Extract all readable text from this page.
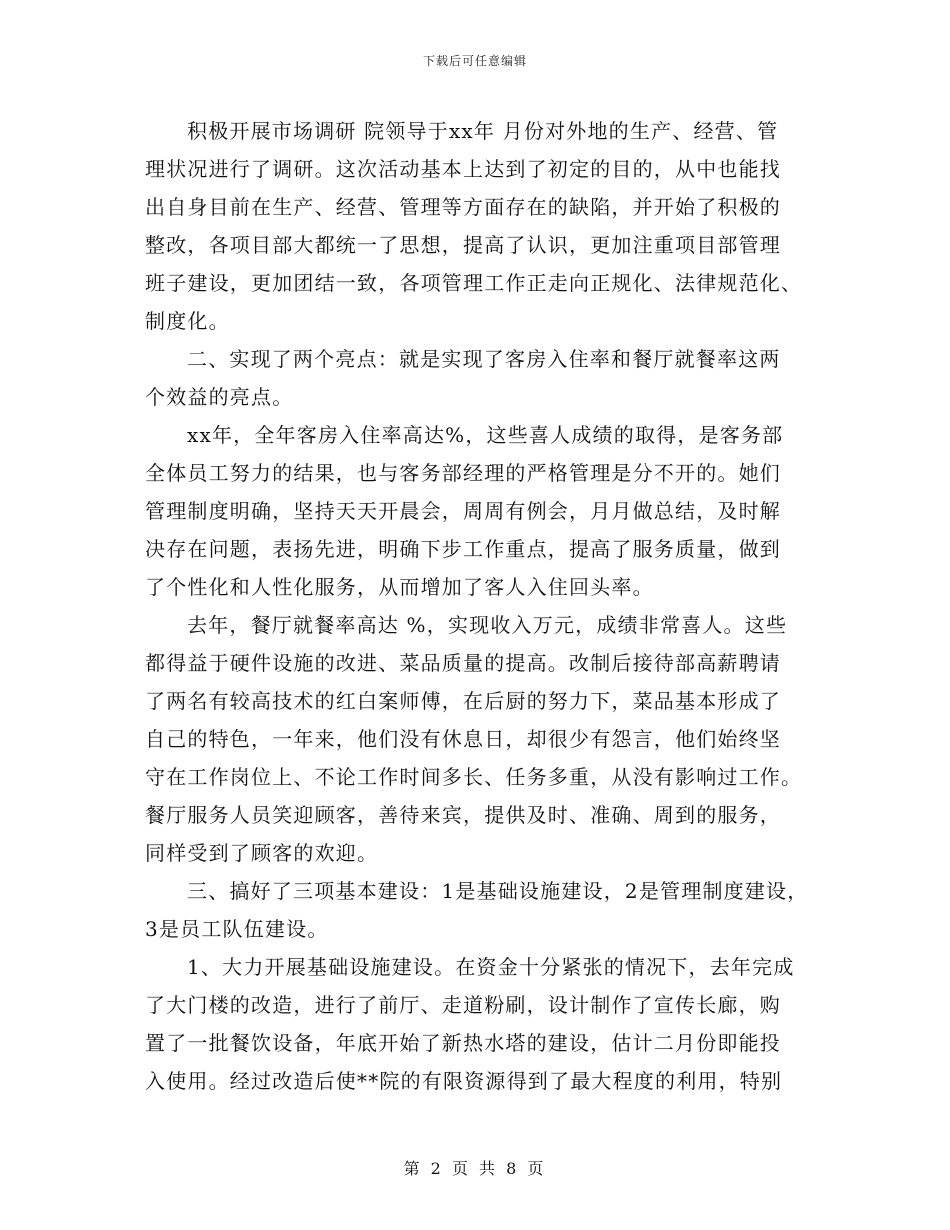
下载后可任意编辑
积极开展市场调研 院领导于xx年 月份对外地的生产、经营、管
理状况进行了调研。这次活动基本上达到了初定的目的，从中也能找
出自身目前在生产、经营、管理等方面存在的缺陷，并开始了积极的
整改，各项目部大都统一了思想，提高了认识，更加注重项目部管理
班子建设，更加团结一致，各项管理工作正走向正规化、法律规范化、
制度化。
二、实现了两个亮点：就是实现了客房入住率和餐厅就餐率这两
个效益的亮点。
xx年，全年客房入住率高达%，这些喜人成绩的取得，是客务部
全体员工努力的结果，也与客务部经理的严格管理是分不开的。她们
管理制度明确，坚持天天开晨会，周周有例会，月月做总结，及时解
决存在问题，表扬先进，明确下步工作重点，提高了服务质量，做到
了个性化和人性化服务，从而增加了客人入住回头率。
去年，餐厅就餐率高达 %，实现收入万元，成绩非常喜人。这些
都得益于硬件设施的改进、菜品质量的提高。改制后接待部高薪聘请
了两名有较高技术的红白案师傅，在后厨的努力下，菜品基本形成了
自己的特色，一年来，他们没有休息日，却很少有怨言，他们始终坚
守在工作岗位上、不论工作时间多长、任务多重，从没有影响过工作。
餐厅服务人员笑迎顾客，善待来宾，提供及时、准确、周到的服务，
同样受到了顾客的欢迎。
三、搞好了三项基本建设：1是基础设施建设，2是管理制度建设，
3是员工队伍建设。
1、大力开展基础设施建设。在资金十分紧张的情况下，去年完成
了大门楼的改造，进行了前厅、走道粉刷，设计制作了宣传长廊，购
置了一批餐饮设备，年底开始了新热水塔的建设，估计二月份即能投
入使用。经过改造后使**院的有限资源得到了最大程度的利用，特别
第 2 页 共 8 页
